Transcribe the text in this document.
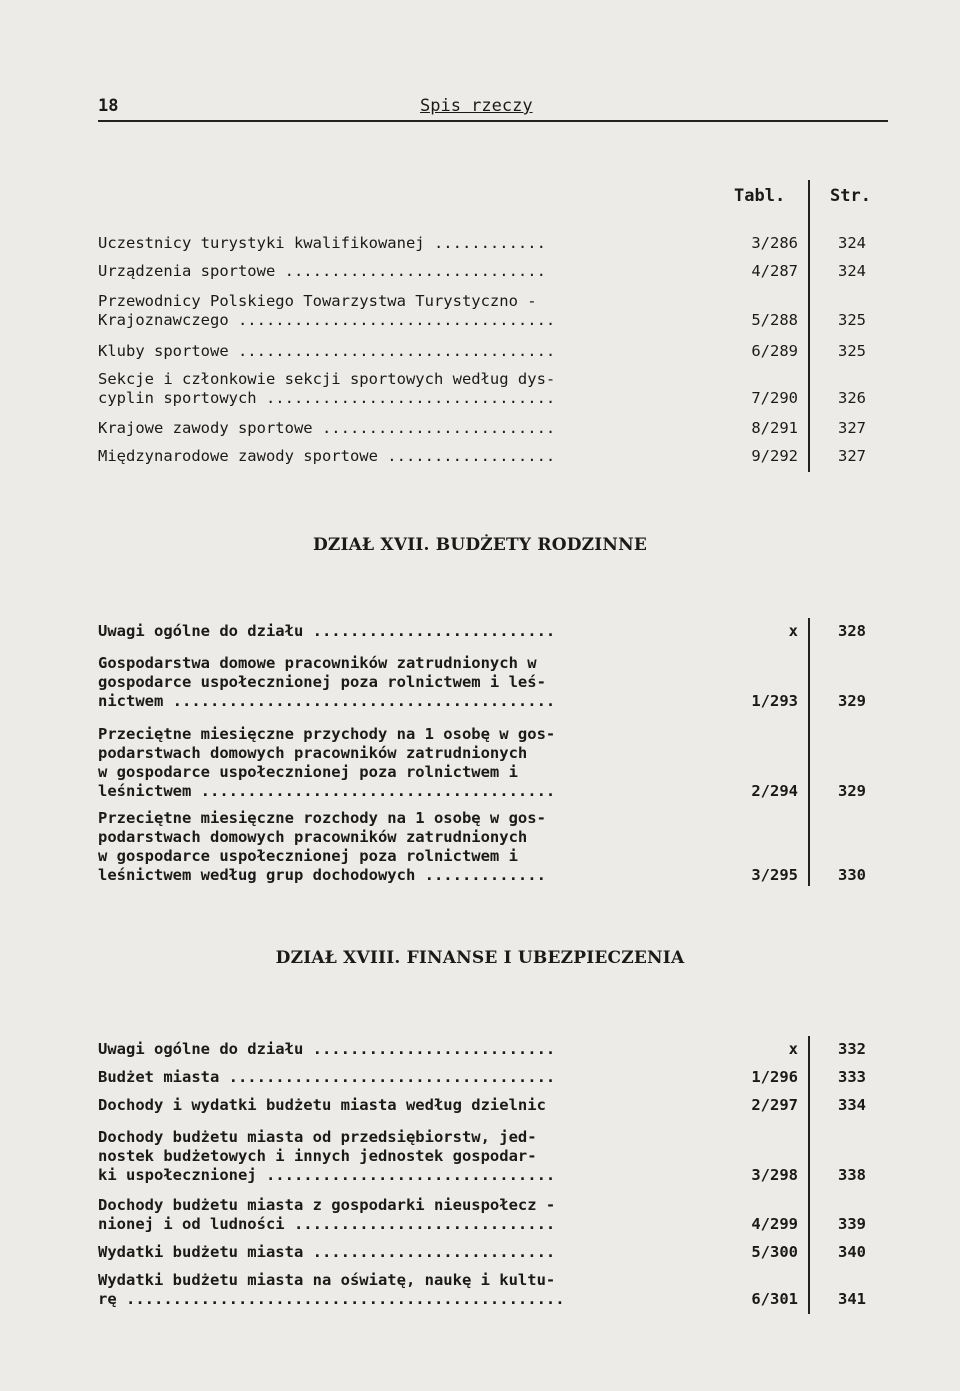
18	Spis rzeczy
Tabl.	Str.
Uczestnicy turystyki kwalifikowanej ............	3/286	324
Urządzenia sportowe ............................	4/287	324
Przewodnicy Polskiego Towarzystwa Turystyczno -
Krajoznawczego ..................................	5/288	325
Kluby sportowe ..................................	6/289	325
Sekcje i członkowie sekcji sportowych według dys-
cyplin sportowych ...............................	7/290	326
Krajowe zawody sportowe .........................	8/291	327
Międzynarodowe zawody sportowe ..................	9/292	327
DZIAŁ XVII. BUDŻETY RODZINNE
Uwagi ogólne do działu ..........................	x	328
Gospodarstwa domowe pracowników zatrudnionych w
gospodarce uspołecznionej poza rolnictwem i leś-
nictwem .........................................	1/293	329
Przeciętne miesięczne przychody na 1 osobę w gos-
podarstwach domowych pracowników zatrudnionych
w gospodarce uspołecznionej poza rolnictwem i
leśnictwem ......................................	2/294	329
Przeciętne miesięczne rozchody na 1 osobę w gos-
podarstwach domowych pracowników zatrudnionych
w gospodarce uspołecznionej poza rolnictwem i
leśnictwem według grup dochodowych .............	3/295	330
DZIAŁ XVIII. FINANSE I UBEZPIECZENIA
Uwagi ogólne do działu ..........................	x	332
Budżet miasta ...................................	1/296	333
Dochody i wydatki budżetu miasta według dzielnic	2/297	334
Dochody budżetu miasta od przedsiębiorstw, jed-
nostek budżetowych i innych jednostek gospodar-
ki uspołecznionej ...............................	3/298	338
Dochody budżetu miasta z gospodarki nieuspołecz -
nionej i od ludności ............................	4/299	339
Wydatki budżetu miasta ..........................	5/300	340
Wydatki budżetu miasta na oświatę, naukę i kultu-
rę ...............................................	6/301	341
